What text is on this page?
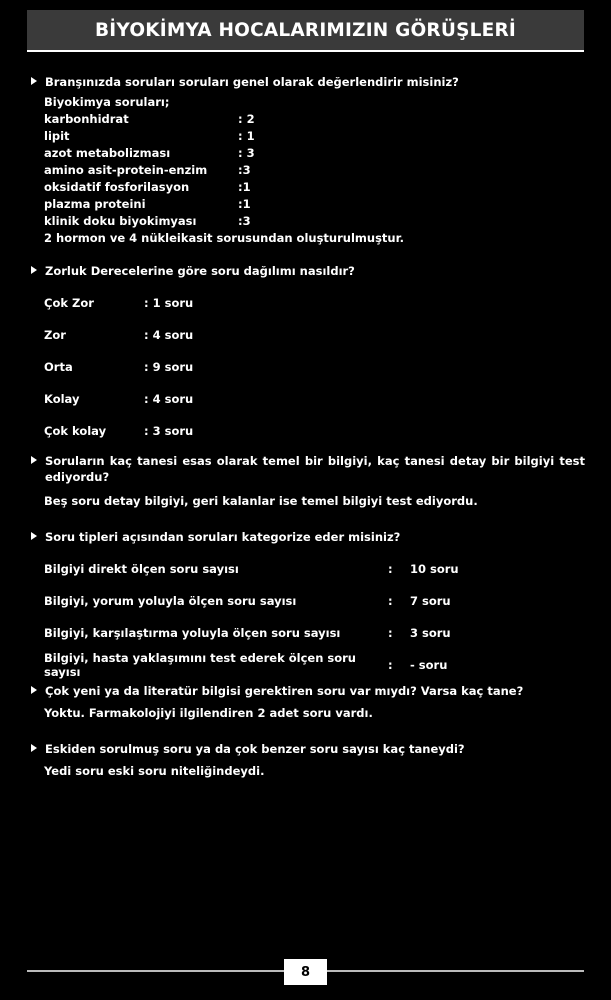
BİYOKİMYA HOCALARIMIZIN GÖRÜŞLERİ
Branşınızda soruları soruları genel olarak değerlendirir misiniz?
Biyokimya soruları;
karbonhidrat	: 2
lipit	: 1
azot metabolizması	: 3
amino asit-protein-enzim	:3
oksidatif fosforilasyon	:1
plazma proteini	:1
klinik doku biyokimyası	:3
2 hormon ve 4 nükleikasit sorusundan oluşturulmuştur.
Zorluk Derecelerine göre soru dağılımı nasıldır?
Çok Zor	: 1 soru
Zor	: 4 soru
Orta	: 9 soru
Kolay	: 4 soru
Çok kolay	: 3 soru
Soruların kaç tanesi esas olarak temel bir bilgiyi, kaç tanesi detay bir bilgiyi test ediyordu?
Beş soru detay bilgiyi, geri kalanlar ise temel bilgiyi test ediyordu.
Soru tipleri açısından soruları kategorize eder misiniz?
Bilgiyi direkt ölçen soru sayısı	:	10 soru
Bilgiyi, yorum yoluyla ölçen soru sayısı	:	7 soru
Bilgiyi, karşılaştırma yoluyla ölçen soru sayısı	:	3 soru
Bilgiyi, hasta yaklaşımını test ederek ölçen soru sayısı	:	- soru
Çok yeni ya da literatür bilgisi gerektiren soru var mıydı? Varsa kaç tane?
Yoktu. Farmakolojiyi ilgilendiren 2 adet soru vardı.
Eskiden sorulmuş soru ya da çok benzer soru sayısı kaç taneydi?
Yedi soru eski soru niteliğindeydi.
8
